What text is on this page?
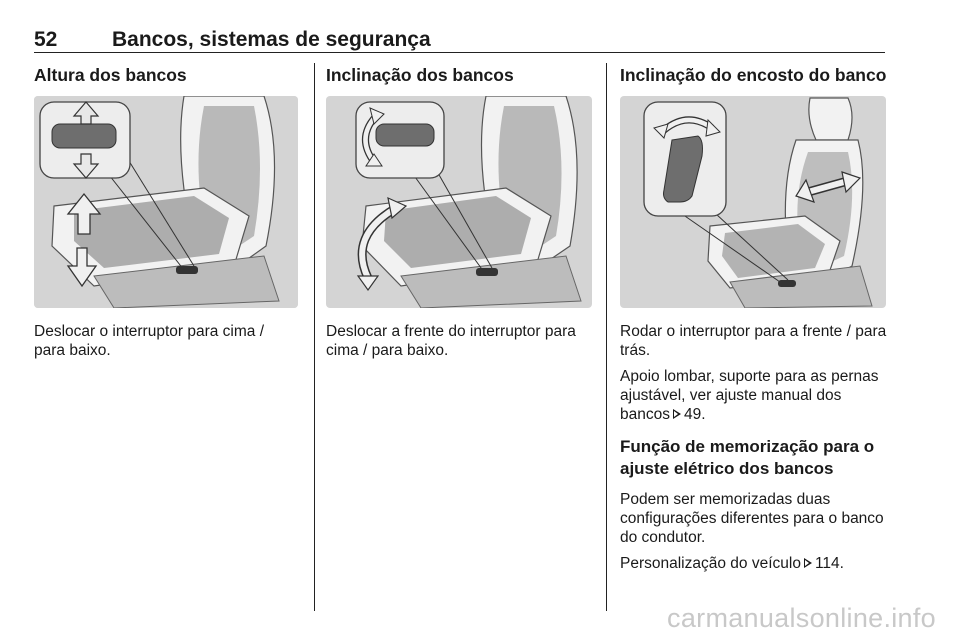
52	Bancos, sistemas de segurança
Altura dos bancos

Deslocar o interruptor para cima / para baixo.

Inclinação dos bancos

Deslocar a frente do interruptor para cima / para baixo.

Inclinação do encosto do banco

Rodar o interruptor para a frente / para trás.

Apoio lombar, suporte para as pernas ajustável, ver ajuste manual dos bancos 49.

Função de memorização para o ajuste elétrico dos bancos

Podem ser memorizadas duas configurações diferentes para o banco do condutor.

Personalização do veículo 114.

carmanualsonline.info
